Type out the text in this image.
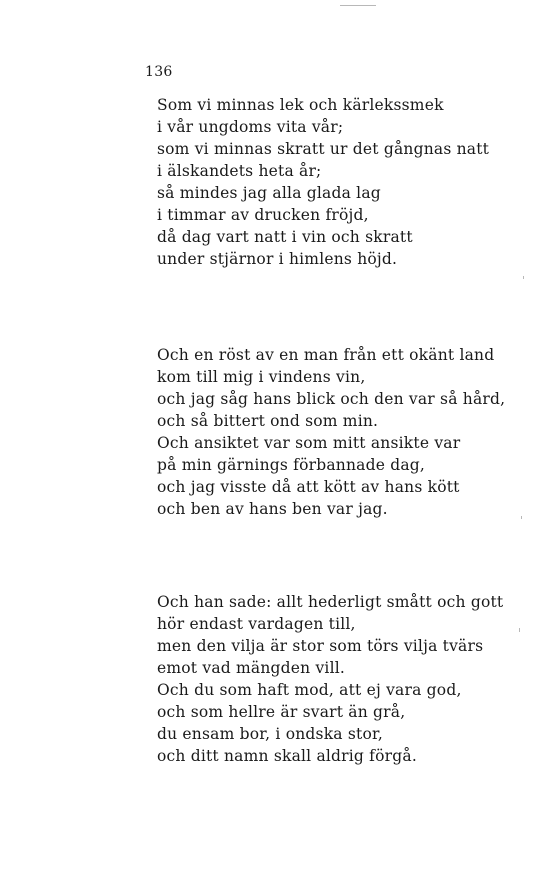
136
Som vi minnas lek och kärlekssmek
i vår ungdoms vita vår;
som vi minnas skratt ur det gångnas natt
i älskandets heta år;
så mindes jag alla glada lag
i timmar av drucken fröjd,
då dag vart natt i vin och skratt
under stjärnor i himlens höjd.
Och en röst av en man från ett okänt land
kom till mig i vindens vin,
och jag såg hans blick och den var så hård,
och så bittert ond som min.
Och ansiktet var som mitt ansikte var
på min gärnings förbannade dag,
och jag visste då att kött av hans kött
och ben av hans ben var jag.
Och han sade: allt hederligt smått och gott
hör endast vardagen till,
men den vilja är stor som törs vilja tvärs
emot vad mängden vill.
Och du som haft mod, att ej vara god,
och som hellre är svart än grå,
du ensam bor, i ondska stor,
och ditt namn skall aldrig förgå.
